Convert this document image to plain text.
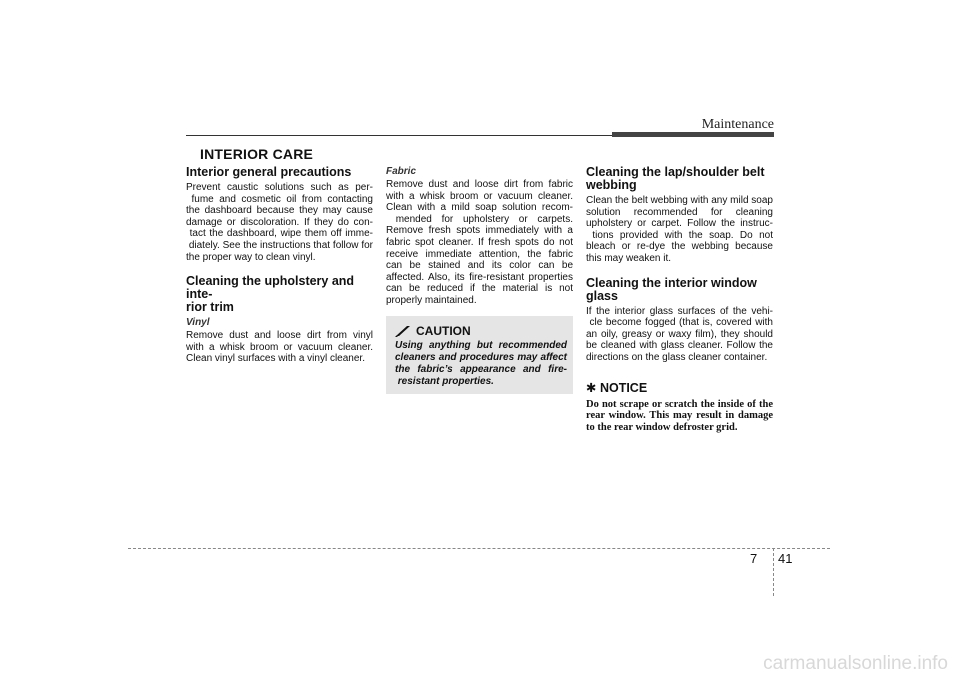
Maintenance
INTERIOR CARE
Interior general precautions

Prevent caustic solutions such as per- fume and cosmetic oil from contacting the dashboard because they may cause damage or discoloration. If they do con- tact the dashboard, wipe them off imme- diately. See the instructions that follow for the proper way to clean vinyl.

Cleaning the upholstery and inte-
rior trim
Vinyl

Remove dust and loose dirt from vinyl with a whisk broom or vacuum cleaner. Clean vinyl surfaces with a vinyl cleaner.

Fabric

Remove dust and loose dirt from fabric with a whisk broom or vacuum cleaner. Clean with a mild soap solution recom- mended for upholstery or carpets. Remove fresh spots immediately with a fabric spot cleaner. If fresh spots do not receive immediate attention, the fabric can be stained and its color can be affected. Also, its fire-resistant properties can be reduced if the material is not properly maintained.

CAUTION
Using anything but recommended cleaners and procedures may affect the fabric’s appearance and fire- resistant properties.
Cleaning the lap/shoulder belt
webbing

Clean the belt webbing with any mild soap solution recommended for cleaning upholstery or carpet. Follow the instruc- tions provided with the soap. Do not bleach or re-dye the webbing because this may weaken it.

Cleaning the interior window
glass

If the interior glass surfaces of the vehi- cle become fogged (that is, covered with an oily, greasy or waxy film), they should be cleaned with glass cleaner. Follow the directions on the glass cleaner container.

✱ NOTICE

Do not scrape or scratch the inside of the rear window. This may result in damage to the rear window defroster grid.

7 41
carmanualsonline.info
